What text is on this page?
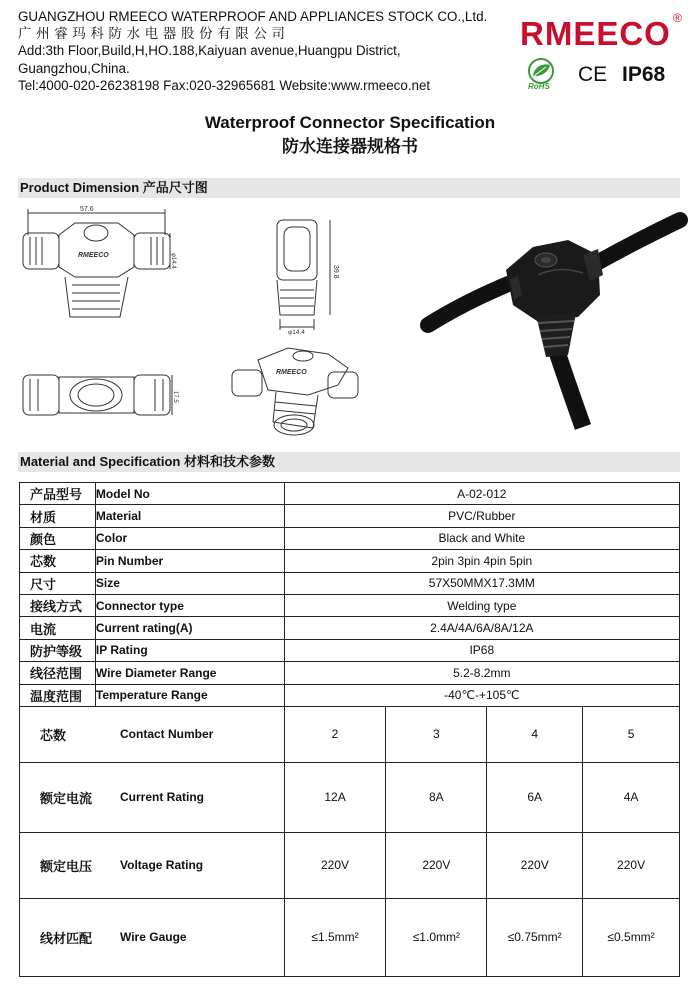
GUANGZHOU RMEECO WATERPROOF AND APPLIANCES STOCK CO.,Ltd.
广 州 睿 玛 科 防 水 电 器 股 份 有 限 公 司
Add:3th Floor,Build,H,HO.188,Kaiyuan avenue,Huangpu District,
Guangzhou,China.
Tel:4000-020-26238198 Fax:020-32965681 Website:www.rmeeco.net
RMEECO ®
RoHS
CE IP68
Waterproof Connector Specification
防水连接器规格书
Product Dimension 产品尺寸图
57.6
φ14.4
RMEECO
39.8
φ14.4
17.5
RMEECO
Material and Specification 材料和技术参数
产品型号	Model No	A-02-012			
材质	Material	PVC/Rubber			
颜色	Color	Black and White			
芯数	Pin Number	2pin 3pin 4pin 5pin			
尺寸	Size	57X50MMX17.3MM			
接线方式	Connector type	Welding type			
电流	Current rating(A)	2.4A/4A/6A/8A/12A			
防护等级	IP Rating	IP68			
线径范围	Wire Diameter Range	5.2-8.2mm			
温度范围	Temperature Range	-40℃-+105℃			

芯数 Contact Number		2	3	4	5

额定电流 Current Rating		12A	8A	6A	4A

额定电压 Voltage Rating		220V	220V	220V	220V

线材匹配 Wire Gauge		≤1.5mm²	≤1.0mm²	≤0.75mm²	≤0.5mm²
